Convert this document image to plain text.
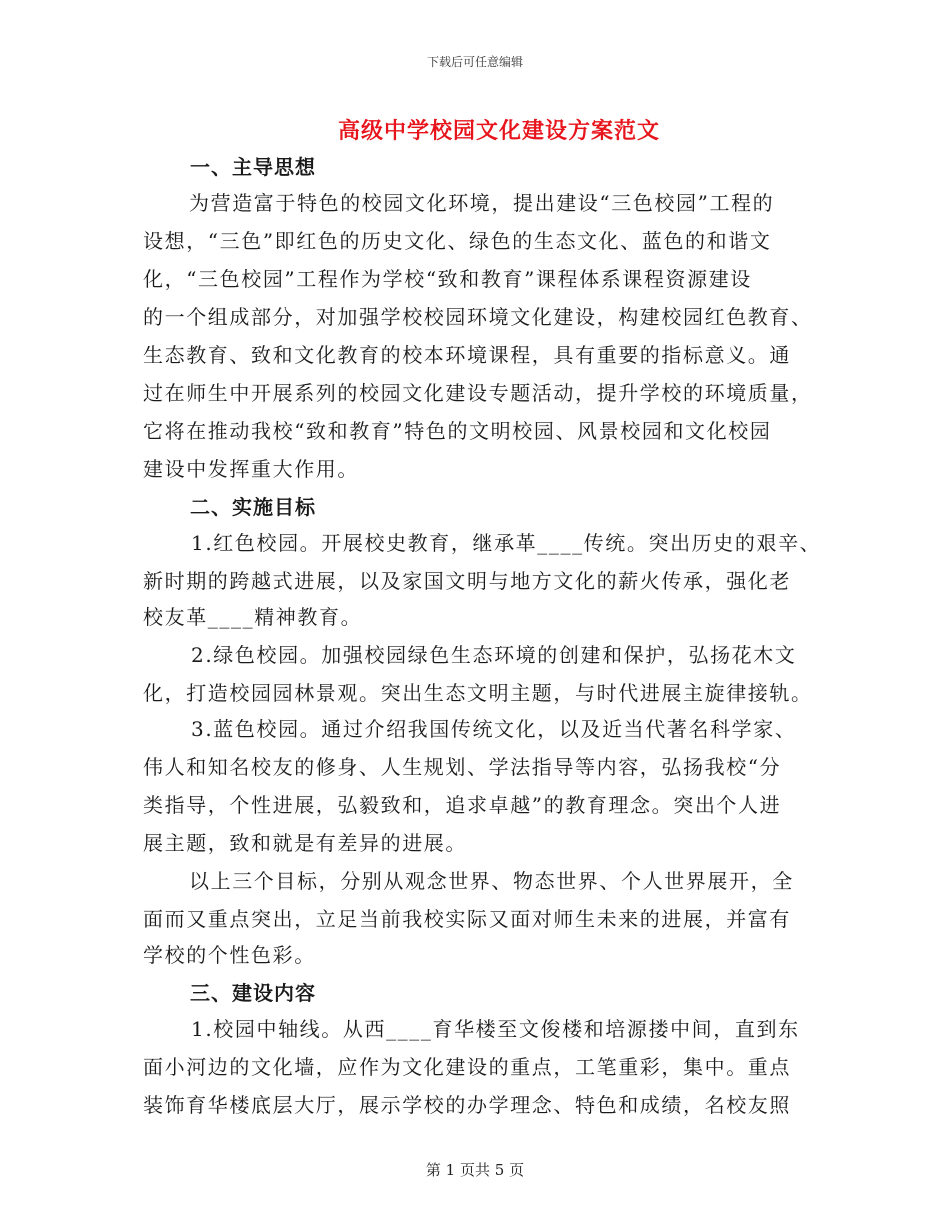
下载后可任意编辑
高级中学校园文化建设方案范文
一、主导思想
为营造富于特色的校园文化环境，提出建设“三色校园”工程的
设想，“三色”即红色的历史文化、绿色的生态文化、蓝色的和谐文
化，“三色校园”工程作为学校“致和教育”课程体系课程资源建设
的一个组成部分，对加强学校校园环境文化建设，构建校园红色教育、
生态教育、致和文化教育的校本环境课程，具有重要的指标意义。通
过在师生中开展系列的校园文化建设专题活动，提升学校的环境质量，
它将在推动我校“致和教育”特色的文明校园、风景校园和文化校园
建设中发挥重大作用。
二、实施目标
1.红色校园。开展校史教育，继承革____传统。突出历史的艰辛、
新时期的跨越式进展，以及家国文明与地方文化的薪火传承，强化老
校友革____精神教育。
2.绿色校园。加强校园绿色生态环境的创建和保护，弘扬花木文
化，打造校园园林景观。突出生态文明主题，与时代进展主旋律接轨。
3.蓝色校园。通过介绍我国传统文化，以及近当代著名科学家、
伟人和知名校友的修身、人生规划、学法指导等内容，弘扬我校“分
类指导，个性进展，弘毅致和，追求卓越”的教育理念。突出个人进
展主题，致和就是有差异的进展。
以上三个目标，分别从观念世界、物态世界、个人世界展开，全
面而又重点突出，立足当前我校实际又面对师生未来的进展，并富有
学校的个性色彩。
三、建设内容
1.校园中轴线。从西____育华楼至文俊楼和培源搂中间，直到东
面小河边的文化墙，应作为文化建设的重点，工笔重彩，集中。重点
装饰育华楼底层大厅，展示学校的办学理念、特色和成绩，名校友照
第 1 页共 5 页
